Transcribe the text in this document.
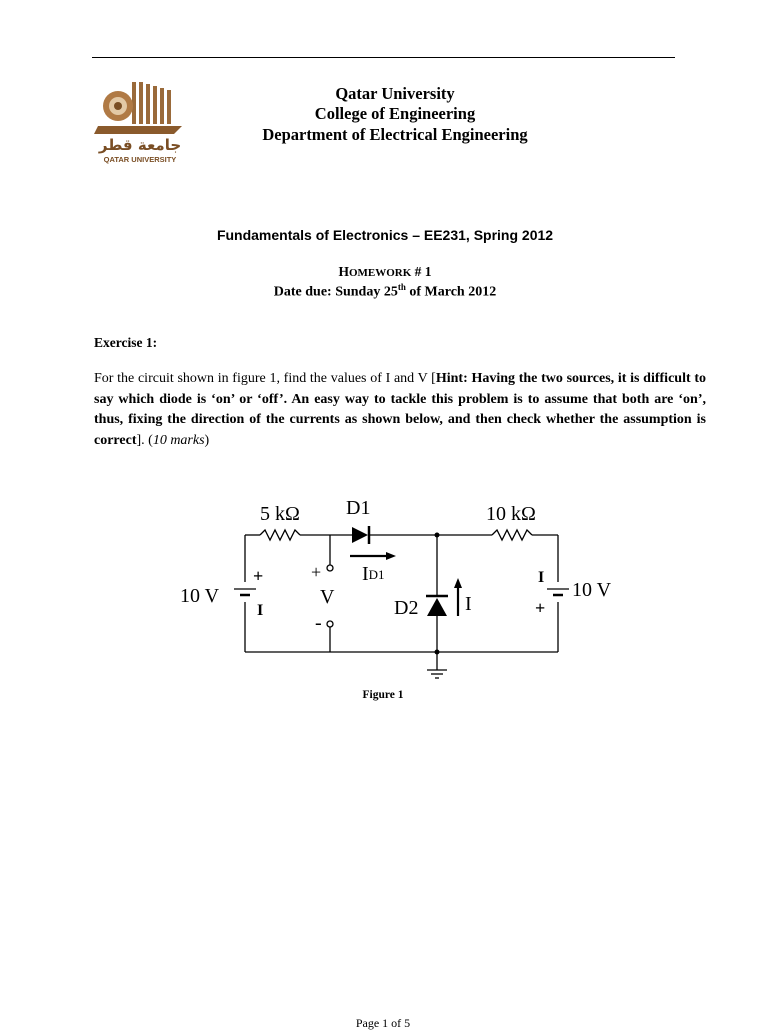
جامعة قطر
QATAR UNIVERSITY
Qatar University
College of Engineering
Department of Electrical Engineering
Fundamentals of Electronics – EE231, Spring 2012
HOMEWORK # 1
Date due: Sunday 25th of March 2012
Exercise 1:
For the circuit shown in figure 1, find the values of I and V [Hint: Having the two sources, it is difficult to say which diode is ‘on’ or ‘off’. An easy way to tackle this problem is to assume that both are ‘on’, thus, fixing the direction of the currents as shown below, and then check whether the assumption is correct]. (10 marks)
5 kΩ D1	10 kΩ
10 V	10 V
+
I
I
+
+
V
-
ID1
D2 I
Figure 1
Page 1 of 5
